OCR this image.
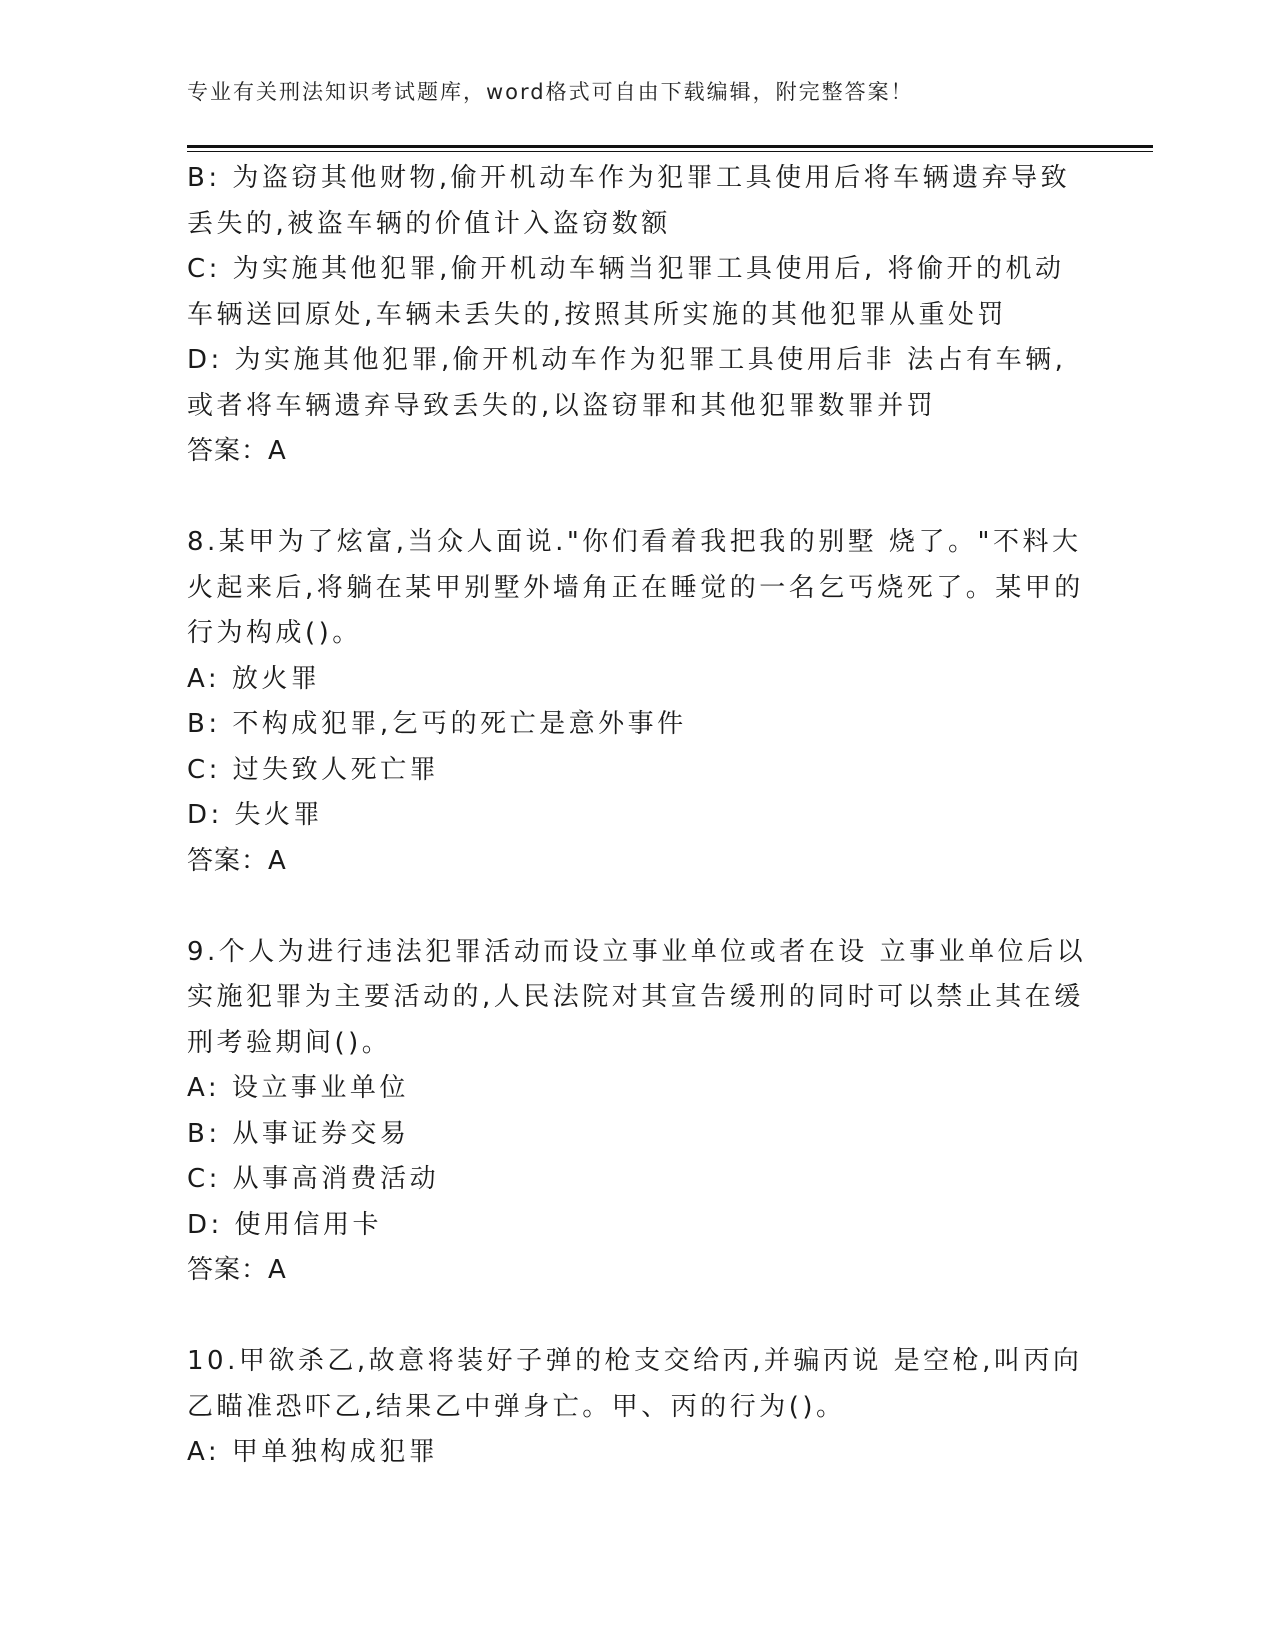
专业有关刑法知识考试题库，word格式可自由下载编辑，附完整答案！

B: 为盗窃其他财物,偷开机动车作为犯罪工具使用后将车辆遗弃导致

丢失的,被盗车辆的价值计入盗窃数额

C: 为实施其他犯罪,偷开机动车辆当犯罪工具使用后, 将偷开的机动

车辆送回原处,车辆未丢失的,按照其所实施的其他犯罪从重处罚

D: 为实施其他犯罪,偷开机动车作为犯罪工具使用后非 法占有车辆,

或者将车辆遗弃导致丢失的,以盗窃罪和其他犯罪数罪并罚

答案：A

8.某甲为了炫富,当众人面说."你们看着我把我的别墅 烧了。"不料大

火起来后,将躺在某甲别墅外墙角正在睡觉的一名乞丐烧死了。某甲的

行为构成()。

A: 放火罪

B: 不构成犯罪,乞丐的死亡是意外事件

C: 过失致人死亡罪

D: 失火罪

答案：A

9.个人为进行违法犯罪活动而设立事业单位或者在设 立事业单位后以

实施犯罪为主要活动的,人民法院对其宣告缓刑的同时可以禁止其在缓

刑考验期间()。

A: 设立事业单位

B: 从事证券交易

C: 从事高消费活动

D: 使用信用卡

答案：A

10.甲欲杀乙,故意将装好子弹的枪支交给丙,并骗丙说 是空枪,叫丙向

乙瞄准恐吓乙,结果乙中弹身亡。甲、丙的行为()。

A: 甲单独构成犯罪
